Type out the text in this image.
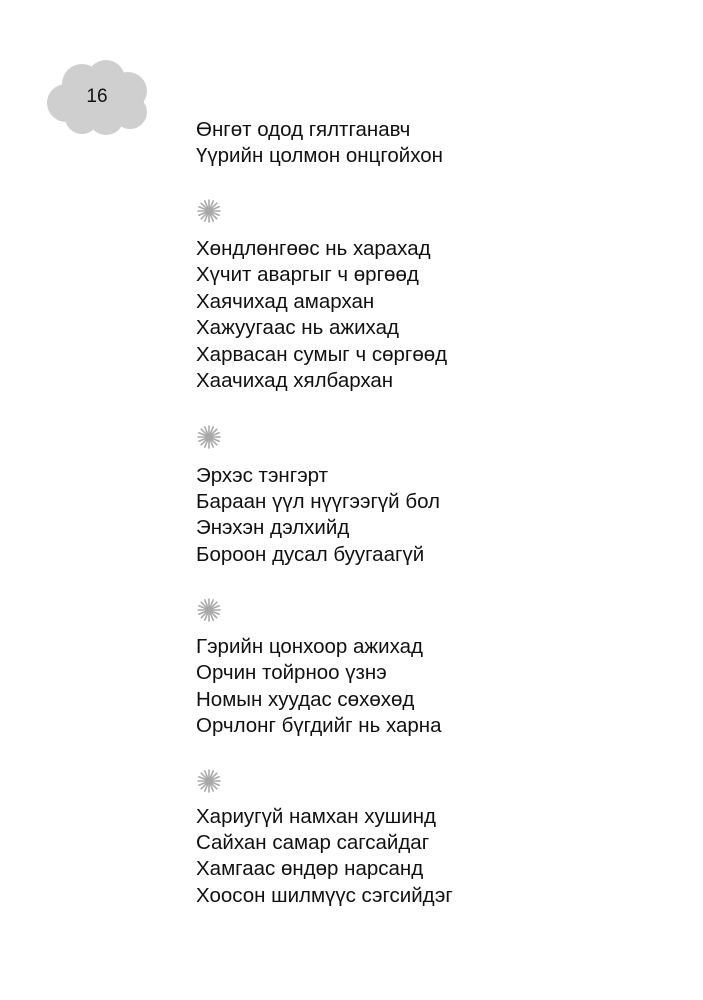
16
Өнгөт одод гялтганавч
Үүрийн цолмон онцгойхон
Хөндлөнгөөс нь харахад
Хүчит аваргыг ч өргөөд
Хаячихад амархан
Хажуугаас нь ажихад
Харвасан сумыг ч сөргөөд
Хаачихад хялбархан
Эрхэс тэнгэрт
Бараан үүл нүүгээгүй бол
Энэхэн дэлхийд
Бороон дусал буугаагүй
Гэрийн цонхоор ажихад
Орчин тойрноо үзнэ
Номын хуудас сөхөхөд
Орчлонг бүгдийг нь харна
Хариугүй намхан хушинд
Сайхан самар сагсайдаг
Хамгаас өндөр нарсанд
Хоосон шилмүүс сэгсийдэг
